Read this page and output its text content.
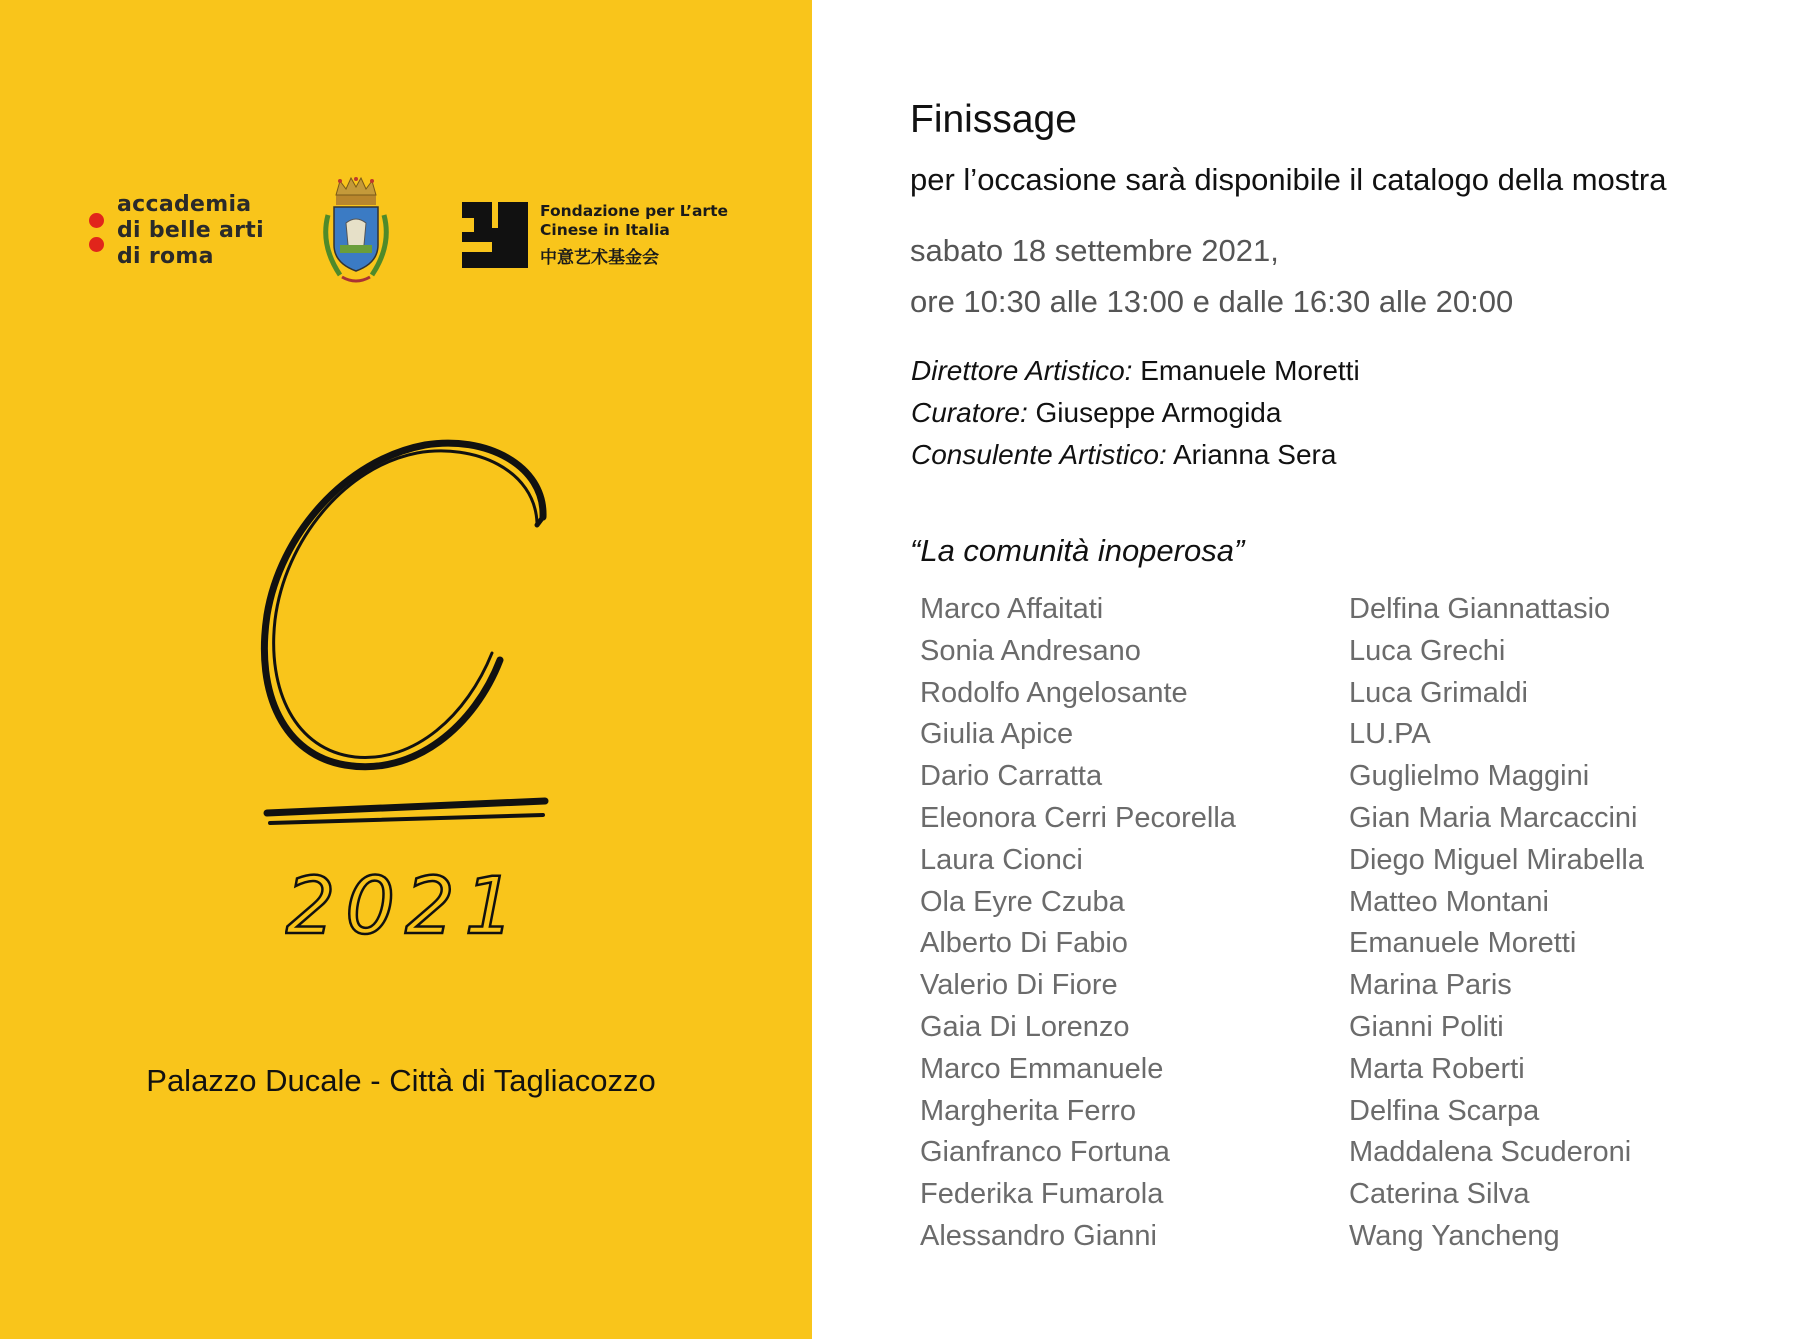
accademia
di belle arti
di roma
Fondazione per L’arte
Cinese in Italia
中意艺术基金会
2021
Palazzo Ducale - Città di Tagliacozzo
Finissage
per l’occasione sarà disponibile il catalogo della mostra
sabato 18 settembre 2021,
ore 10:30 alle 13:00 e dalle 16:30 alle 20:00
Direttore Artistico: Emanuele Moretti
Curatore: Giuseppe Armogida
Consulente Artistico: Arianna Sera
“La comunità inoperosa”
Marco Affaitati
Sonia Andresano
Rodolfo Angelosante
Giulia Apice
Dario Carratta
Eleonora Cerri Pecorella
Laura Cionci
Ola Eyre Czuba
Alberto Di Fabio
Valerio Di Fiore
Gaia Di Lorenzo
Marco Emmanuele
Margherita Ferro
Gianfranco Fortuna
Federika Fumarola
Alessandro Gianni
Delfina Giannattasio
Luca Grechi
Luca Grimaldi
LU.PA
Guglielmo Maggini
Gian Maria Marcaccini
Diego Miguel Mirabella
Matteo Montani
Emanuele Moretti
Marina Paris
Gianni Politi
Marta Roberti
Delfina Scarpa
Maddalena Scuderoni
Caterina Silva
Wang Yancheng
